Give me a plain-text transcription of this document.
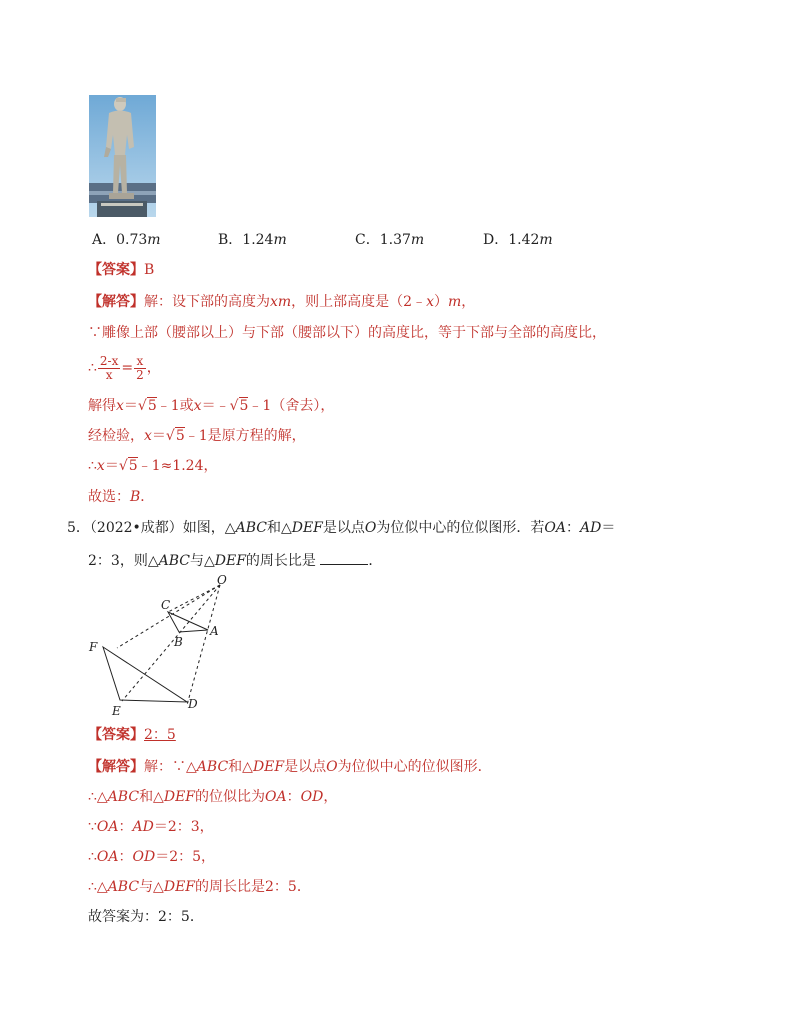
A．0.73m	B．1.24m	C．1.37m	D．1.42m
【答案】B
【解答】解：设下部的高度为xm，则上部高度是（2﹣x）m，
∵雕像上部（腰部以上）与下部（腰部以下）的高度比，等于下部与全部的高度比，
∴ $\frac{2-x}{x} = \frac{x}{2}$ ，
解得x＝√5﹣1或x＝﹣√5﹣1（舍去），
经检验，x＝√5﹣1是原方程的解，
∴x＝√5﹣1≈1.24，
故选：B．
5．（2022•成都）如图，△ABC和△DEF是以点O为位似中心的位似图形．若OA：AD＝
2：3，则△ABC与△DEF的周长比是	．
O
C
A
B
F
E	D
【答案】2：5
【解答】解：∵△ABC和△DEF是以点O为位似中心的位似图形．
∴△ABC和△DEF的位似比为OA：OD，
∵OA：AD＝2：3，
∴OA：OD＝2：5，
∴△ABC与△DEF的周长比是2：5．
故答案为：2：5．
